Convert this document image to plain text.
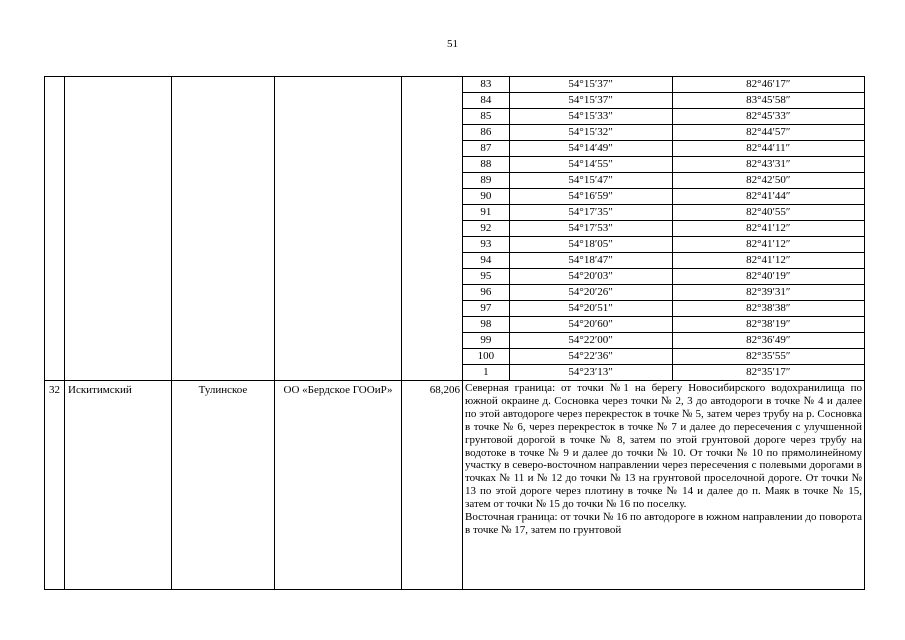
51

83	54°15′37″	82°46′17″
84	54°15′37″	83°45′58″
85	54°15′33″	82°45′33″
86	54°15′32″	82°44′57″
87	54°14′49″	82°44′11″
88	54°14′55″	82°43′31″
89	54°15′47″	82°42′50″
90	54°16′59″	82°41′44″
91	54°17′35″	82°40′55″
92	54°17′53″	82°41′12″
93	54°18′05″	82°41′12″
94	54°18′47″	82°41′12″
95	54°20′03″	82°40′19″
96	54°20′26″	82°39′31″
97	54°20′51″	82°38′38″
98	54°20′60″	82°38′19″
99	54°22′00″	82°36′49″
100	54°22′36″	82°35′55″
1	54°23′13″	82°35′17″

32	Искитимский	Тулинское	ОО «Бердское ГООиР»	68,206	Северная граница: от точки №1 на берегу Новосибирского водохранилища по южной окраине д. Сосновка через точки № 2, 3 до автодороги в точке № 4 и далее по этой автодороге через перекресток в точке № 5, затем через трубу на р. Сосновка в точке № 6, через перекресток в точке № 7 и далее до пересечения с улучшенной грунтовой дорогой в точке № 8, затем по этой грунтовой дороге через трубу на водотоке в точке № 9 и далее до точки № 10. От точки № 10 по прямолинейному участку в северо-восточном направлении через пересечения с полевыми дорогами в точках № 11 и № 12 до точки № 13 на грунтовой проселочной дороге. От точки № 13 по этой дороге через плотину в точке № 14 и далее до п. Маяк в точке № 15, затем от точки № 15 до точки № 16 по поселку.

Восточная граница: от точки № 16 по автодороге в южном направлении до поворота в точке № 17, затем по грунтовой
